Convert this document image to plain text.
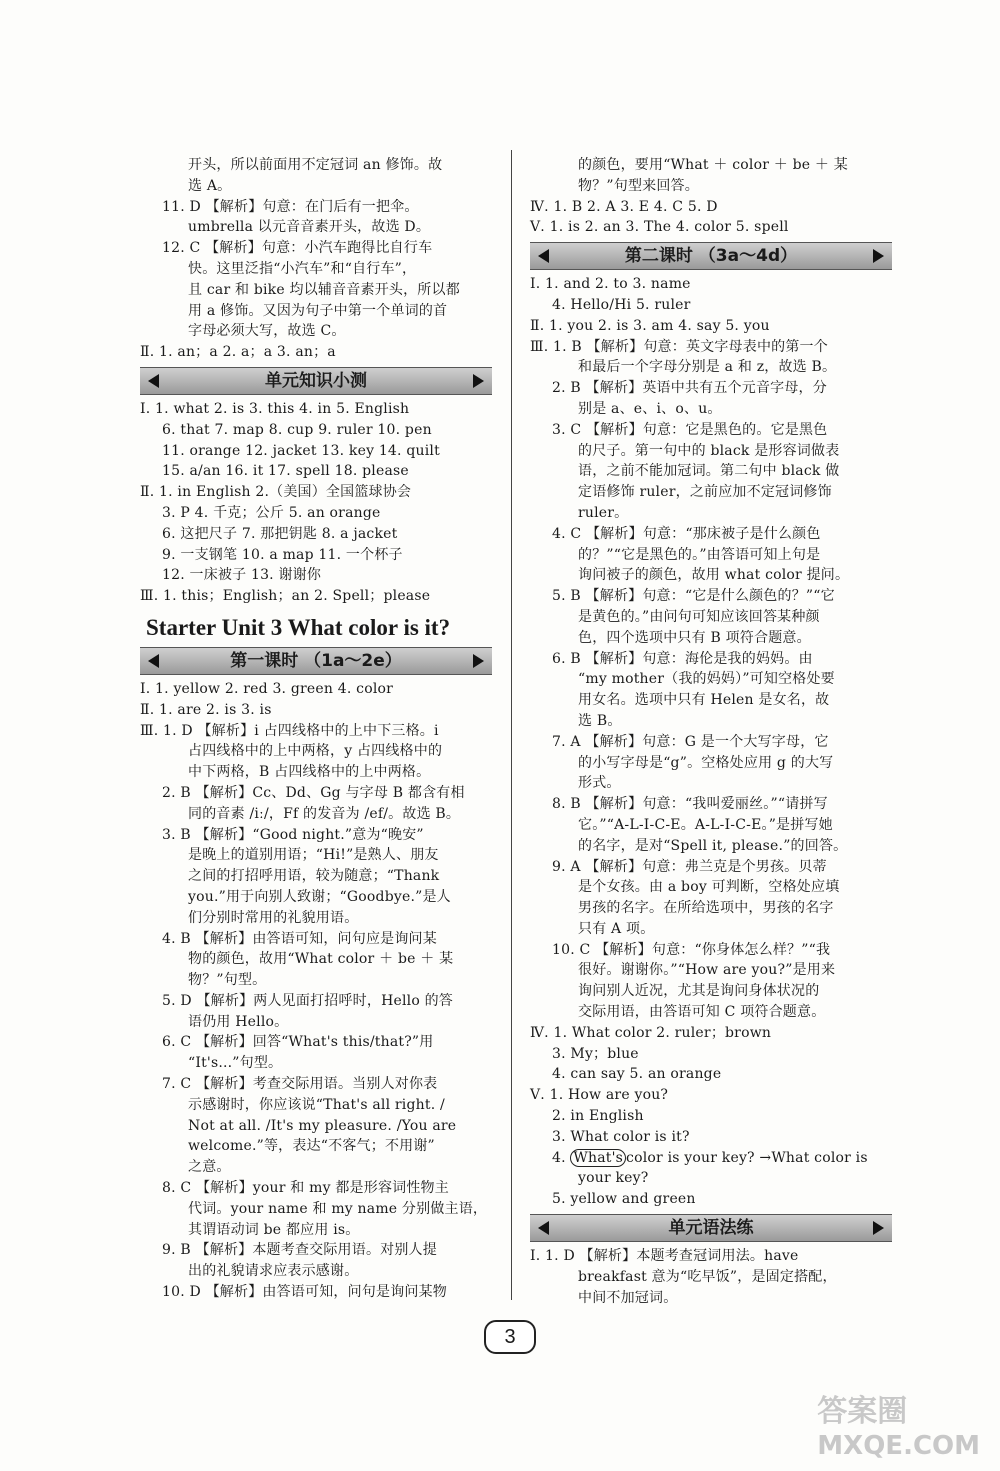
开头，所以前面用不定冠词 an 修饰。故
选 A。
11. D 【解析】句意：在门后有一把伞。
umbrella 以元音音素开头，故选 D。
12. C 【解析】句意：小汽车跑得比自行车
快。这里泛指“小汽车”和“自行车”，
且 car 和 bike 均以辅音音素开头，所以都
用 a 修饰。又因为句子中第一个单词的首
字母必须大写，故选 C。
Ⅱ. 1. an；a 2. a；a 3. an；a
单元知识小测
Ⅰ. 1. what 2. is 3. this 4. in 5. English
6. that 7. map 8. cup 9. ruler 10. pen
11. orange 12. jacket 13. key 14. quilt
15. a/an 16. it 17. spell 18. please
Ⅱ. 1. in English 2.（美国）全国篮球协会
3. P 4. 千克；公斤 5. an orange
6. 这把尺子 7. 那把钥匙 8. a jacket
9. 一支钢笔 10. a map 11. 一个杯子
12. 一床被子 13. 谢谢你
Ⅲ. 1. this；English；an 2. Spell；please
Starter Unit 3 What color is it?
第一课时 （1a～2e）
Ⅰ. 1. yellow 2. red 3. green 4. color
Ⅱ. 1. are 2. is 3. is
Ⅲ. 1. D 【解析】i 占四线格中的上中下三格。i
占四线格中的上中两格，y 占四线格中的
中下两格，B 占四线格中的上中两格。
2. B 【解析】Cc、Dd、Gg 与字母 B 都含有相
同的音素 /iː/，Ff 的发音为 /ef/。故选 B。
3. B 【解析】“Good night.”意为“晚安”
是晚上的道别用语；“Hi!”是熟人、朋友
之间的打招呼用语，较为随意；“Thank
you.”用于向别人致谢；“Goodbye.”是人
们分别时常用的礼貌用语。
4. B 【解析】由答语可知，问句应是询问某
物的颜色，故用“What color ＋ be ＋ 某
物？”句型。
5. D 【解析】两人见面打招呼时，Hello 的答
语仍用 Hello。
6. C 【解析】回答“What's this/that?”用
“It's...”句型。
7. C 【解析】考查交际用语。当别人对你表
示感谢时，你应该说“That's all right. /
Not at all. /It's my pleasure. /You are
welcome.”等，表达“不客气；不用谢”
之意。
8. C 【解析】your 和 my 都是形容词性物主
代词。your name 和 my name 分别做主语，
其谓语动词 be 都应用 is。
9. B 【解析】本题考查交际用语。对别人提
出的礼貌请求应表示感谢。
10. D 【解析】由答语可知，问句是询问某物
的颜色，要用“What ＋ color ＋ be ＋ 某
物？”句型来回答。
Ⅳ. 1. B 2. A 3. E 4. C 5. D
Ⅴ. 1. is 2. an 3. The 4. color 5. spell
第二课时 （3a～4d）
Ⅰ. 1. and 2. to 3. name
4. Hello/Hi 5. ruler
Ⅱ. 1. you 2. is 3. am 4. say 5. you
Ⅲ. 1. B 【解析】句意：英文字母表中的第一个
和最后一个字母分别是 a 和 z，故选 B。
2. B 【解析】英语中共有五个元音字母，分
别是 a、e、i、o、u。
3. C 【解析】句意：它是黑色的。它是黑色
的尺子。第一句中的 black 是形容词做表
语，之前不能加冠词。第二句中 black 做
定语修饰 ruler，之前应加不定冠词修饰
ruler。
4. C 【解析】句意：“那床被子是什么颜色
的？”“它是黑色的。”由答语可知上句是
询问被子的颜色，故用 what color 提问。
5. B 【解析】句意：“它是什么颜色的？”“它
是黄色的。”由问句可知应该回答某种颜
色，四个选项中只有 B 项符合题意。
6. B 【解析】句意：海伦是我的妈妈。由
“my mother（我的妈妈）”可知空格处要
用女名。选项中只有 Helen 是女名，故
选 B。
7. A 【解析】句意：G 是一个大写字母，它
的小写字母是“g”。空格处应用 g 的大写
形式。
8. B 【解析】句意：“我叫爱丽丝。”“请拼写
它。”“A-L-I-C-E。A-L-I-C-E。”是拼写她
的名字，是对“Spell it, please.”的回答。
9. A 【解析】句意：弗兰克是个男孩。贝蒂
是个女孩。由 a boy 可判断，空格处应填
男孩的名字。在所给选项中，男孩的名字
只有 A 项。
10. C 【解析】句意：“你身体怎么样？”“我
很好。谢谢你。”“How are you?”是用来
询问别人近况，尤其是询问身体状况的
交际用语，由答语可知 C 项符合题意。
Ⅳ. 1. What color 2. ruler；brown
3. My；blue
4. can say 5. an orange
Ⅴ. 1. How are you?
2. in English
3. What color is it?
4. What's color is your key? →What color is
your key?
5. yellow and green
单元语法练
Ⅰ. 1. D 【解析】本题考查冠词用法。have
breakfast 意为“吃早饭”，是固定搭配，
中间不加冠词。
3
答案圈
MXQE.COM
